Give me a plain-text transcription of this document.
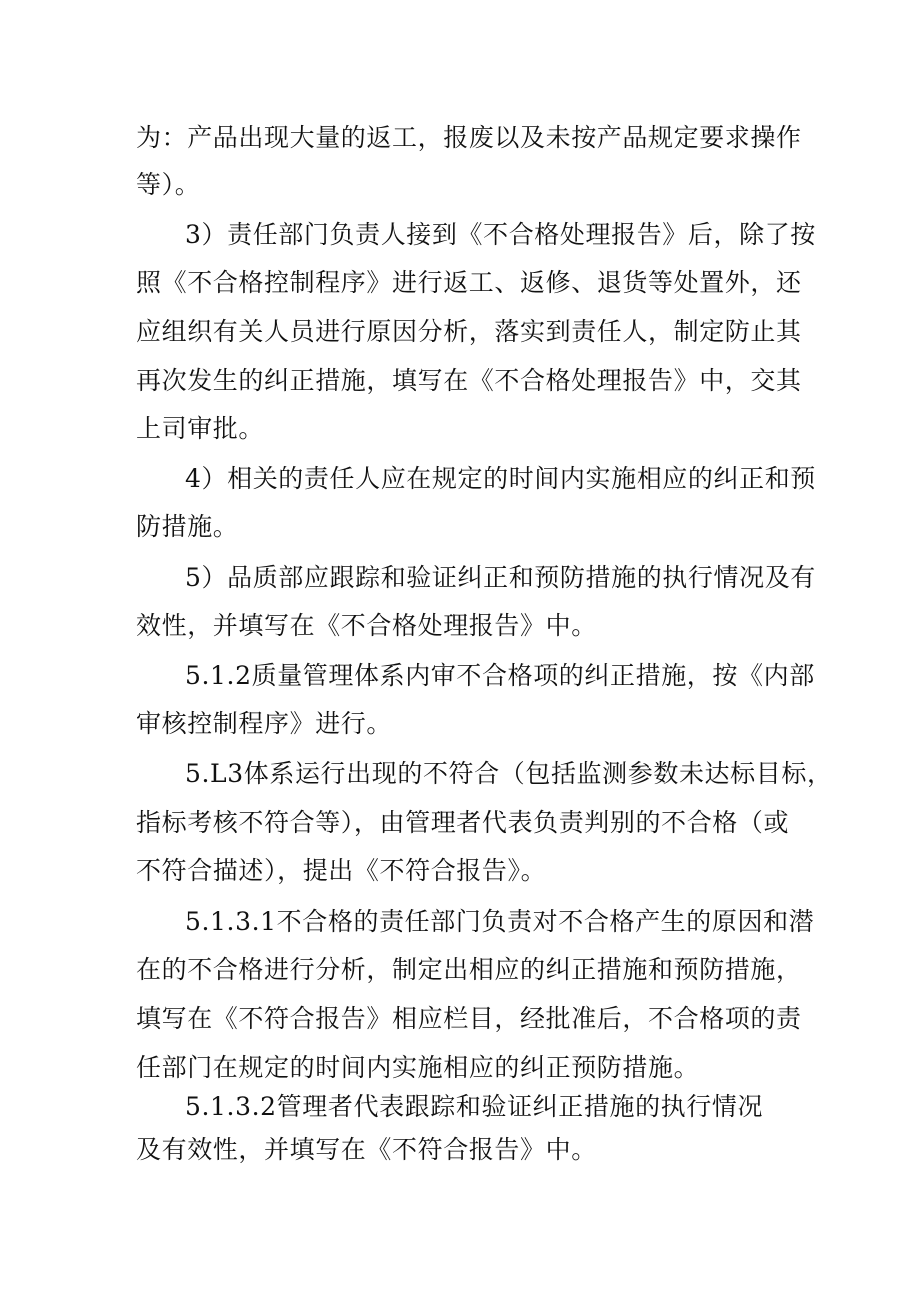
为：产品出现大量的返工，报废以及未按产品规定要求操作
等）。
3）责任部门负责人接到《不合格处理报告》后，除了按
照《不合格控制程序》进行返工、返修、退货等处置外，还
应组织有关人员进行原因分析，落实到责任人，制定防止其
再次发生的纠正措施，填写在《不合格处理报告》中，交其
上司审批。
4）相关的责任人应在规定的时间内实施相应的纠正和预
防措施。
5）品质部应跟踪和验证纠正和预防措施的执行情况及有
效性，并填写在《不合格处理报告》中。
5.1.2质量管理体系内审不合格项的纠正措施，按《内部
审核控制程序》进行。
5.L3体系运行出现的不符合（包括监测参数未达标目标，
指标考核不符合等），由管理者代表负责判别的不合格（或
不符合描述），提出《不符合报告》。
5.1.3.1不合格的责任部门负责对不合格产生的原因和潜
在的不合格进行分析，制定出相应的纠正措施和预防措施，
填写在《不符合报告》相应栏目，经批准后，不合格项的责
任部门在规定的时间内实施相应的纠正预防措施。
5.1.3.2管理者代表跟踪和验证纠正措施的执行情况
及有效性，并填写在《不符合报告》中。
